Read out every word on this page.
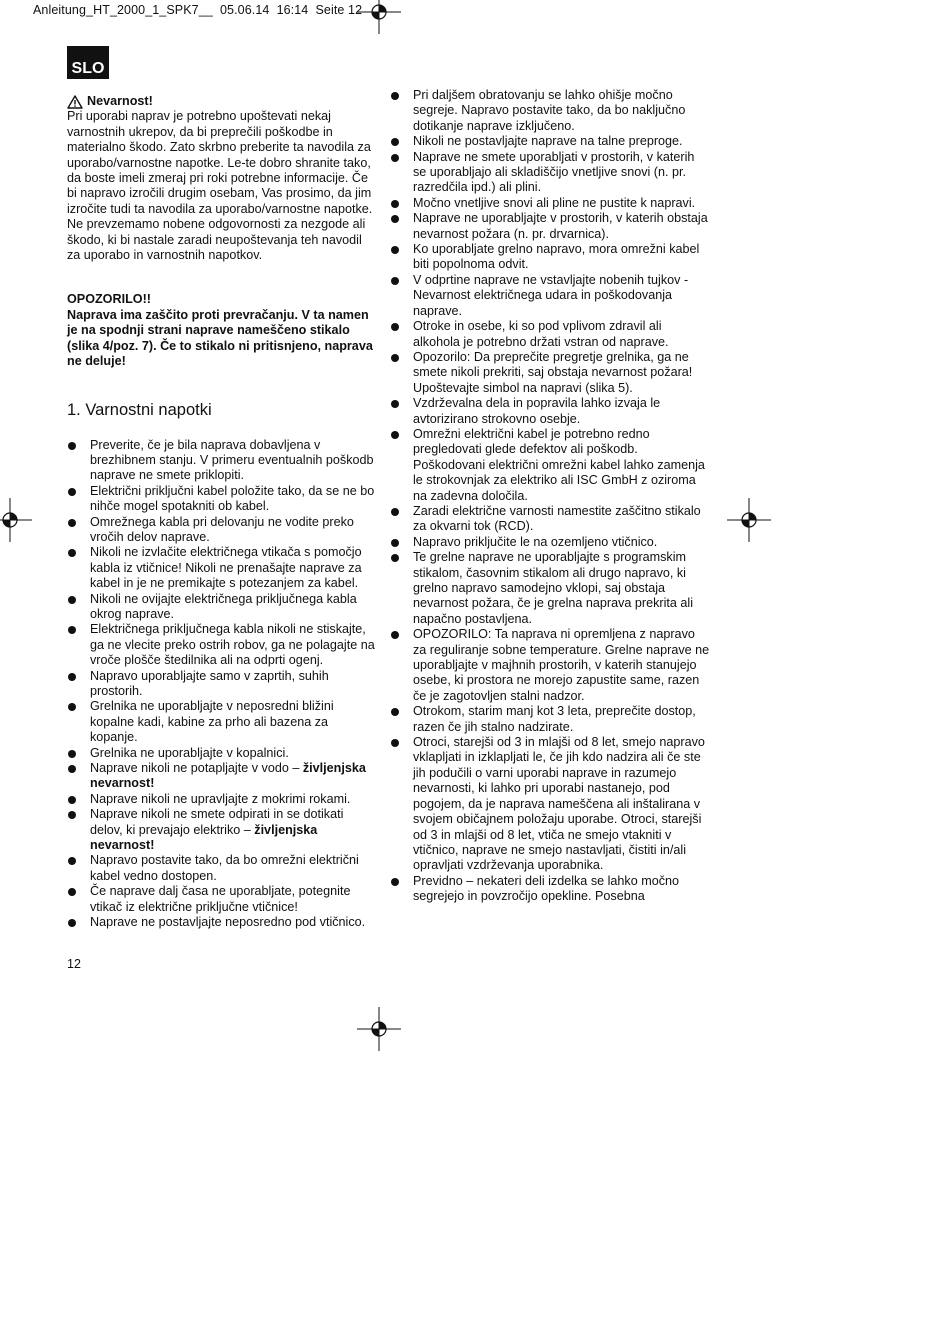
Anleitung_HT_2000_1_SPK7__  05.06.14  16:14  Seite 12
SLO
Nevarnost!

Pri uporabi naprav je potrebno upoštevati nekaj varnostnih ukrepov, da bi preprečili poškodbe in materialno škodo. Zato skrbno preberite ta navodila za uporabo/varnostne napotke. Le-te dobro shranite tako, da boste imeli zmeraj pri roki potrebne informacije. Če bi napravo izročili drugim osebam, Vas prosimo, da jim izročite tudi ta navodila za uporabo/varnostne napotke. Ne prevzemamo nobene odgovornosti za nezgode ali škodo, ki bi nastale zaradi neupoštevanja teh navodil za uporabo in varnostnih napotkov.

OPOZORILO!!
Naprava ima zaščito proti prevračanju. V ta namen je na spodnji strani naprave nameščeno stikalo (slika 4/poz. 7). Če to stikalo ni pritisnjeno, naprava ne deluje!
1. Varnostni napotki
Preverite, če je bila naprava dobavljena v brezhibnem stanju. V primeru eventualnih poškodb naprave ne smete priklopiti.
Električni priključni kabel položite tako, da se ne bo nihče mogel spotakniti ob kabel.
Omrežnega kabla pri delovanju ne vodite preko vročih delov naprave.
Nikoli ne izvlačite električnega vtikača s pomočjo kabla iz vtičnice! Nikoli ne prenašajte naprave za kabel in je ne premikajte s potezanjem za kabel.
Nikoli ne ovijajte električnega priključnega kabla okrog naprave.
Električnega priključnega kabla nikoli ne stiskajte, ga ne vlecite preko ostrih robov, ga ne polagajte na vroče plošče štedilnika ali na odprti ogenj.
Napravo uporabljajte samo v zaprtih, suhih prostorih.
Grelnika ne uporabljajte v neposredni bližini kopalne kadi, kabine za prho ali bazena za kopanje.
Grelnika ne uporabljajte v kopalnici.
Naprave nikoli ne potapljajte v vodo – življenjska nevarnost!
Naprave nikoli ne upravljajte z mokrimi rokami.
Naprave nikoli ne smete odpirati in se dotikati delov, ki prevajajo elektriko – življenjska nevarnost!
Napravo postavite tako, da bo omrežni električni kabel vedno dostopen.
Če naprave dalj časa ne uporabljate, potegnite vtikač iz električne priključne vtičnice!
Naprave ne postavljajte neposredno pod vtičnico.
Pri daljšem obratovanju se lahko ohišje močno segreje. Napravo postavite tako, da bo naključno dotikanje naprave izključeno.
Nikoli ne postavljajte naprave na talne preproge.
Naprave ne smete uporabljati v prostorih, v katerih se uporabljajo ali skladiščijo vnetljive snovi (n. pr. razredčila ipd.) ali plini.
Močno vnetljive snovi ali pline ne pustite k napravi.
Naprave ne uporabljajte v prostorih, v katerih obstaja nevarnost požara (n. pr. drvarnica).
Ko uporabljate grelno napravo, mora omrežni kabel biti popolnoma odvit.
V odprtine naprave ne vstavljajte nobenih tujkov - Nevarnost električnega udara in poškodovanja naprave.
Otroke in osebe, ki so pod vplivom zdravil ali alkohola je potrebno držati vstran od naprave.
Opozorilo: Da preprečite pregretje grelnika, ga ne smete nikoli prekriti, saj obstaja nevarnost požara! Upoštevajte simbol na napravi (slika 5).
Vzdrževalna dela in popravila lahko izvaja le avtorizirano strokovno osebje.
Omrežni električni kabel je potrebno redno pregledovati glede defektov ali poškodb. Poškodovani električni omrežni kabel lahko zamenja le strokovnjak za elektriko ali ISC GmbH z oziroma na zadevna določila.
Zaradi električne varnosti namestite zaščitno stikalo za okvarni tok (RCD).
Napravo priključite le na ozemljeno vtičnico.
Te grelne naprave ne uporabljajte s programskim stikalom, časovnim stikalom ali drugo napravo, ki grelno napravo samodejno vklopi, saj obstaja nevarnost požara, če je grelna naprava prekrita ali napačno postavljena.
OPOZORILO: Ta naprava ni opremljena z napravo za reguliranje sobne temperature. Grelne naprave ne uporabljajte v majhnih prostorih, v katerih stanujejo osebe, ki prostora ne morejo zapustite same, razen če je zagotovljen stalni nadzor.
Otrokom, starim manj kot 3 leta, preprečite dostop, razen če jih stalno nadzirate.
Otroci, starejši od 3 in mlajši od 8 let, smejo napravo vklapljati in izklapljati le, če jih kdo nadzira ali če ste jih podučili o varni uporabi naprave in razumejo nevarnosti, ki lahko pri uporabi nastanejo, pod pogojem, da je naprava nameščena ali inštalirana v svojem običajnem položaju uporabe. Otroci, starejši od 3 in mlajši od 8 let, vtiča ne smejo vtakniti v vtičnico, naprave ne smejo nastavljati, čistiti in/ali opravljati vzdrževanja uporabnika.
Previdno – nekateri deli izdelka se lahko močno segrejejo in povzročijo opekline. Posebna
12
